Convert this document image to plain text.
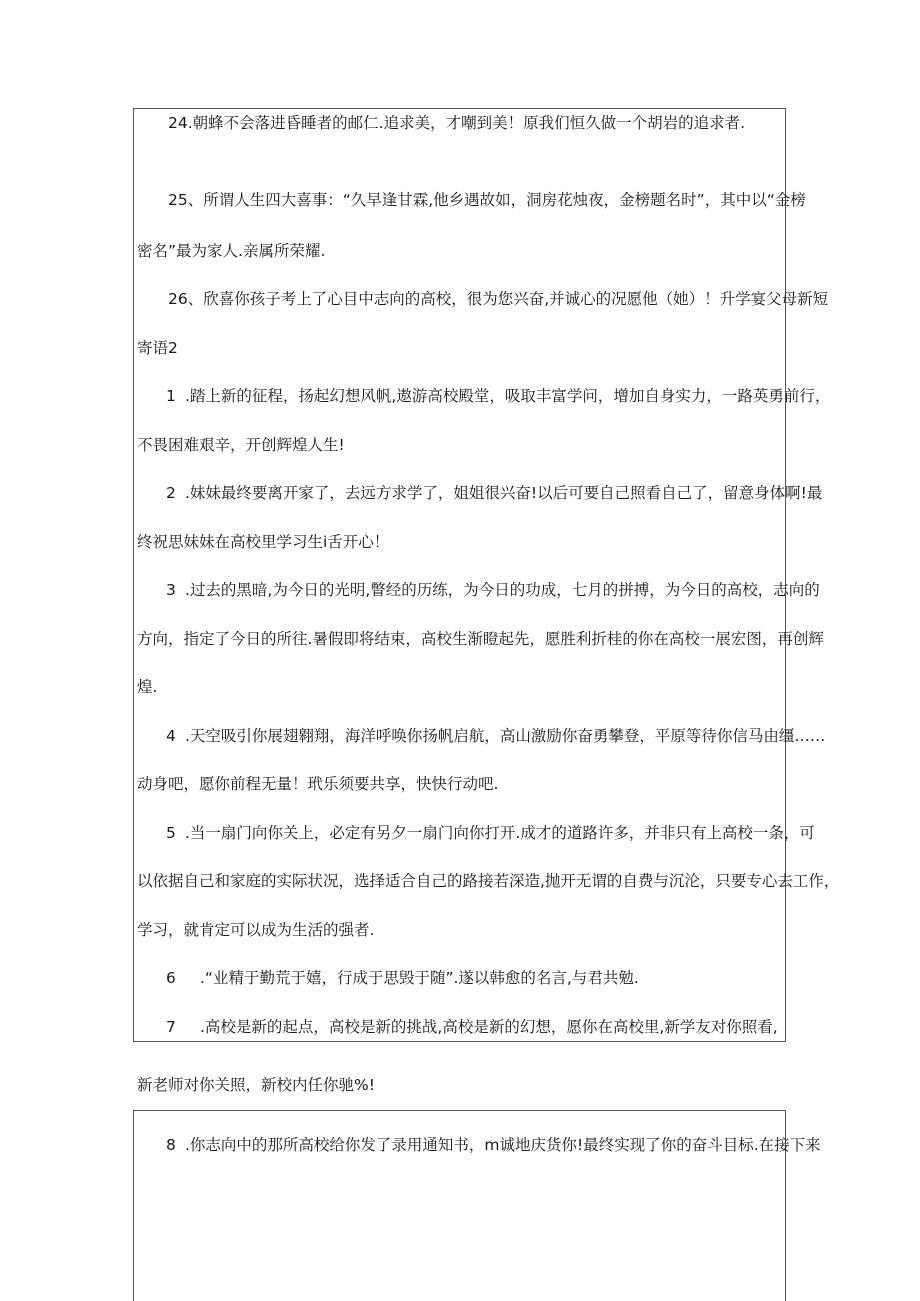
24.朝蜂不会落进昏睡者的邮仁.追求美，才嘲到美！原我们恒久做一个胡岩的追求者.
25、所谓人生四大喜事：“久早逢甘霖,他乡遇故如，洞房花烛夜，金榜题名时”，其中以“金榜
密名”最为家人.亲属所荣耀.
26、欣喜你孩子考上了心目中志向的高校，很为您兴奋,并诚心的况愿他（她）！升学宴父母新短
寄语2
1 .踏上新的征程，扬起幻想风帆,遨游高校殿堂，吸取丰富学问，增加自身实力，一路英勇前行，
不畏困难艰辛，开创辉煌人生!
2 .妹妹最终要离开家了，去远方求学了，姐姐很兴奋!以后可要自己照看自己了，留意身体啊!最
终祝思妹妹在高校里学习生i舌开心！
3 .过去的黑暗,为今日的光明,瞥经的历练，为今日的功成，七月的拼搏，为今日的高校，志向的
方向，指定了今日的所往.暑假即将结束，高校生渐瞪起先，愿胜利折桂的你在高校一展宏图，再创辉
煌.
4 .天空吸引你展翅翱翔，海洋呼唤你扬帆启航，高山激励你奋勇攀登，平原等待你信马由缰……
动身吧，愿你前程无量！玳乐须要共享，快快行动吧.
5 .当一扇门向你关上，必定有另夕一扇门向你打开.成才的道路许多，并非只有上高校一条，可
以依据自己和家庭的实际状况，选择适合自己的路接若深造,抛开无谓的自费与沉沦，只要专心去工作，
学习，就肯定可以成为生活的强者.
6 .“业精于勤荒于嬉，行成于思毁于随”.遂以韩愈的名言,与君共勉.
7 .高校是新的起点，高校是新的挑战,高校是新的幻想，愿你在高校里,新学友对你照看,
新老师对你关照，新校内任你驰%!
8 .你志向中的那所高校给你发了录用通知书，m诚地庆货你!最终实现了你的奋斗目标.在接下来
